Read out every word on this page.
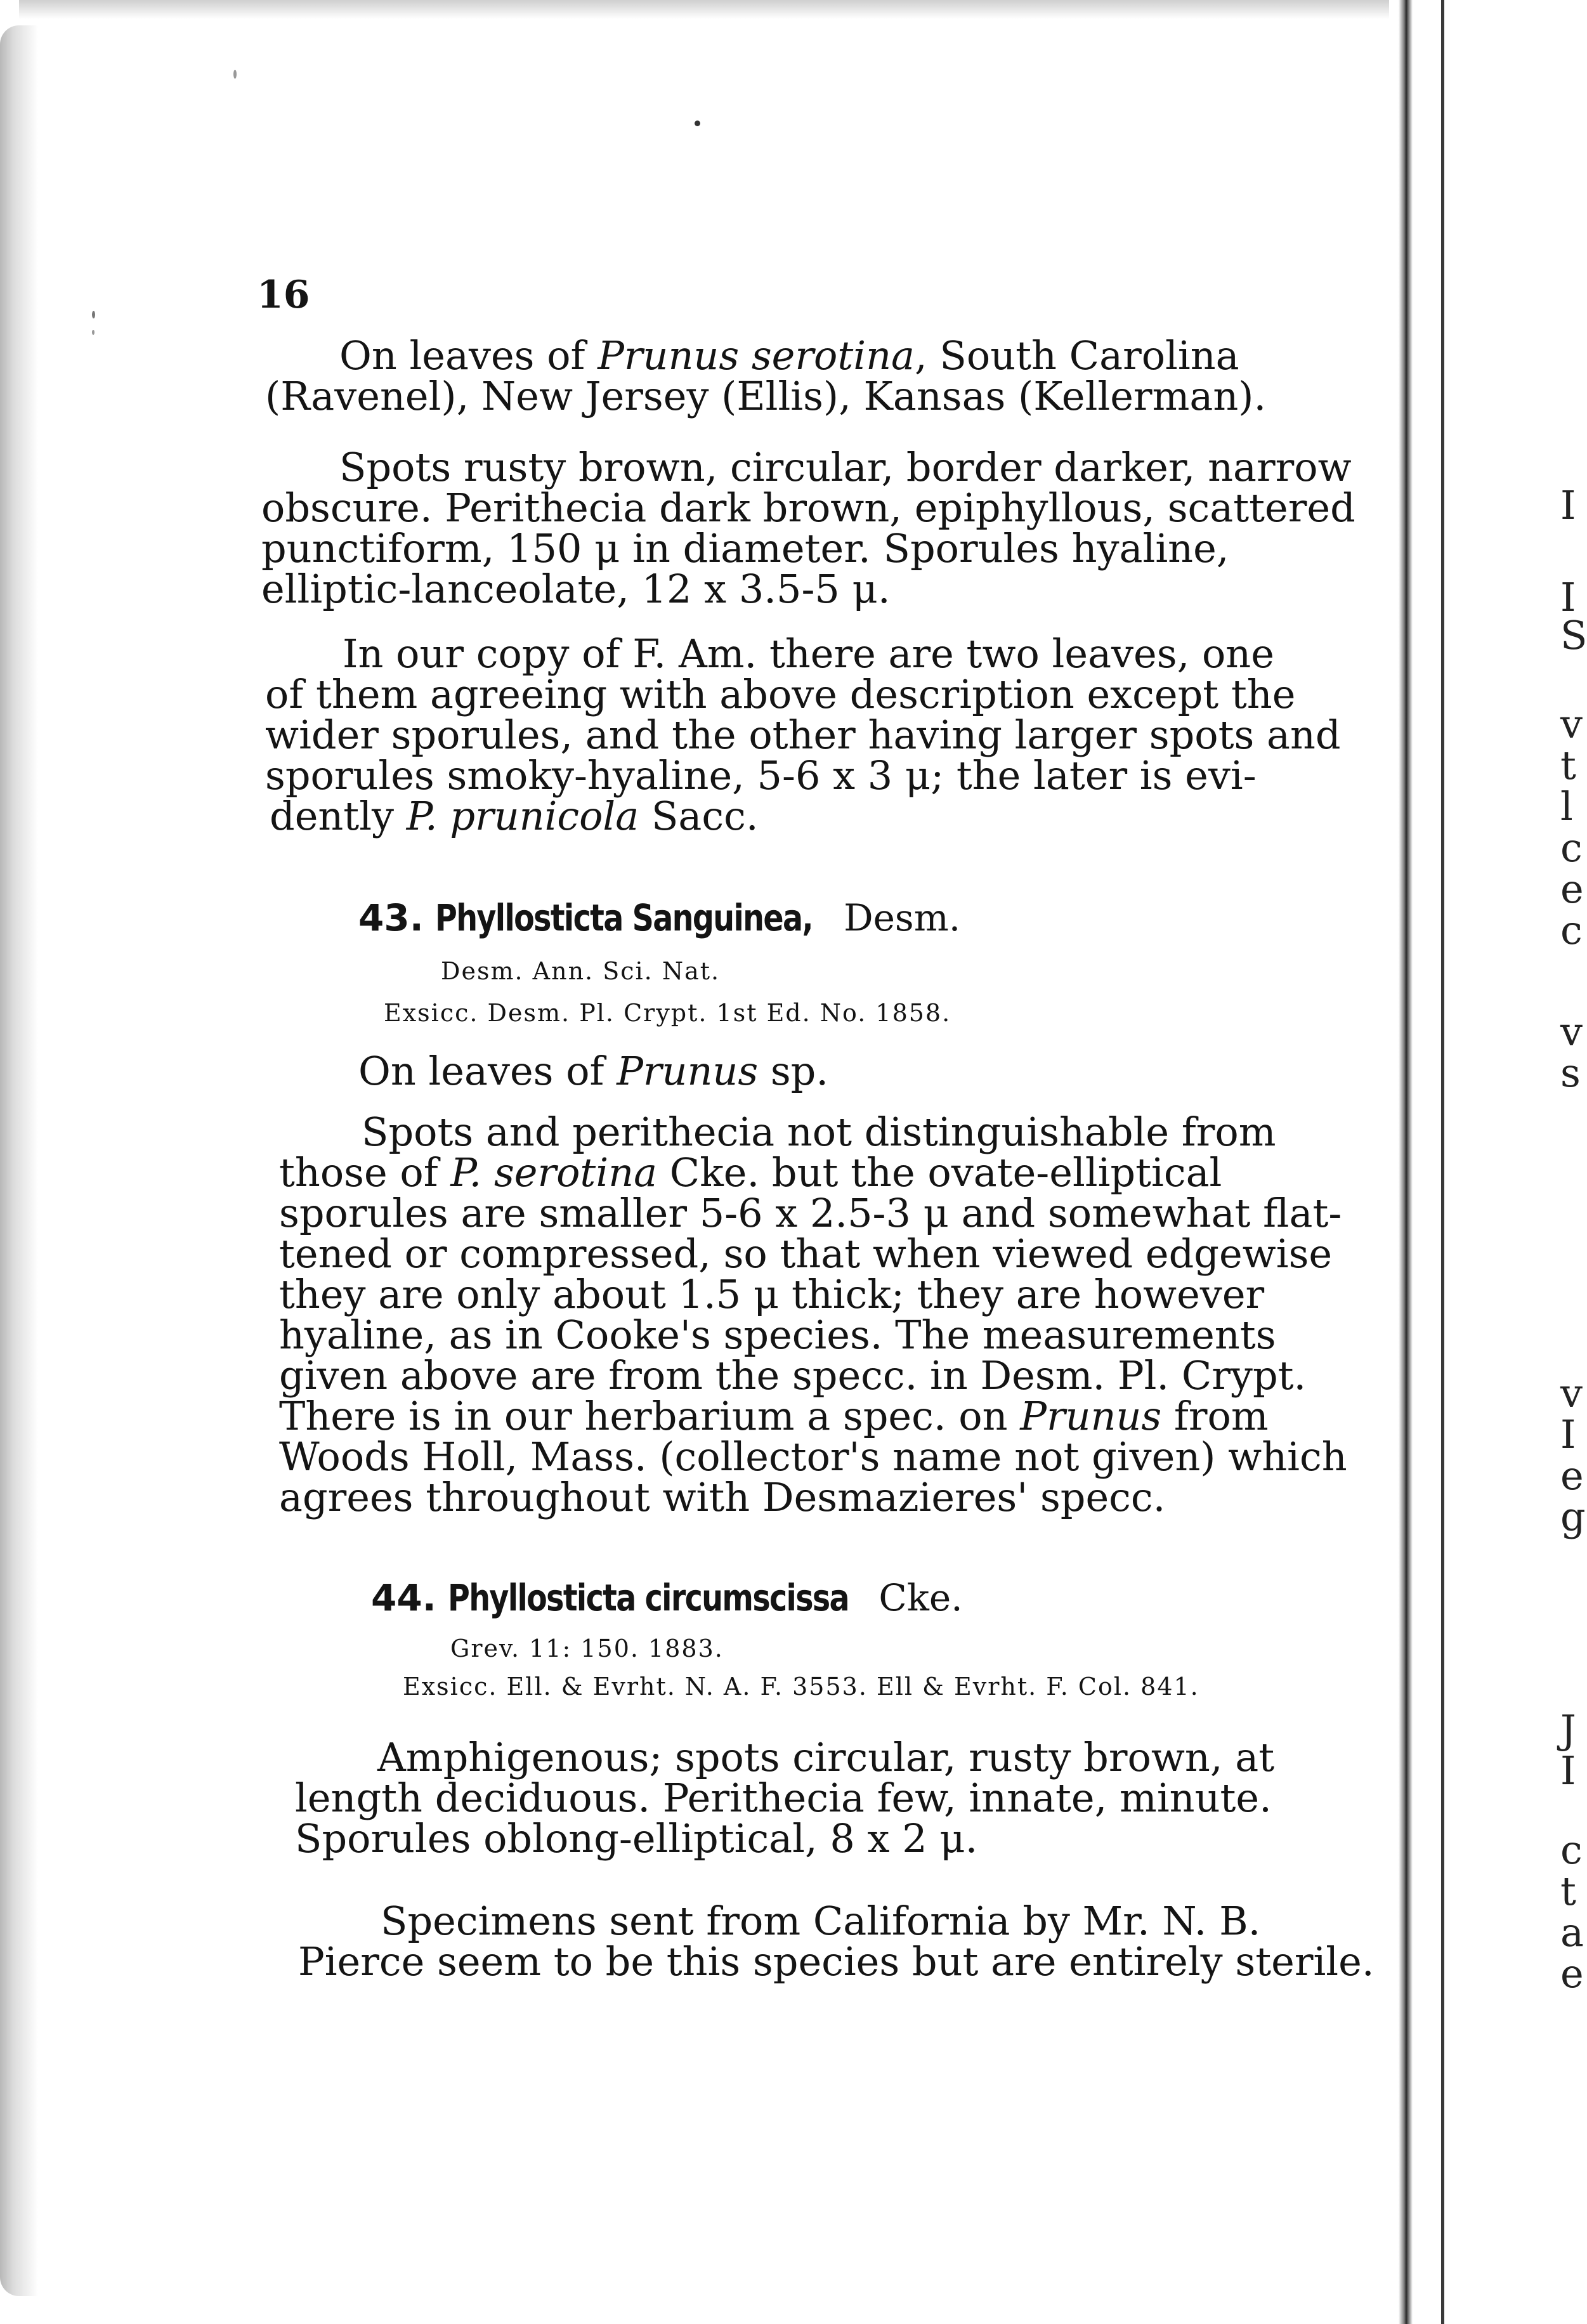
16
On leaves of Prunus serotina, South Carolina
(Ravenel), New Jersey (Ellis), Kansas (Kellerman).
Spots rusty brown, circular, border darker, narrow
obscure. Perithecia dark brown, epiphyllous, scattered
punctiform, 150 μ in diameter. Sporules hyaline,
elliptic-lanceolate, 12 x 3.5-5 μ.
In our copy of F. Am. there are two leaves, one
of them agreeing with above description except the
wider sporules, and the other having larger spots and
sporules smoky-hyaline, 5-6 x 3 μ; the later is evi-
dently P. prunicola Sacc.
43. Phyllosticta Sanguinea, Desm.
Desm. Ann. Sci. Nat.
Exsicc. Desm. Pl. Crypt. 1st Ed. No. 1858.
On leaves of Prunus sp.
Spots and perithecia not distinguishable from
those of P. serotina Cke. but the ovate-elliptical
sporules are smaller 5-6 x 2.5-3 μ and somewhat flat-
tened or compressed, so that when viewed edgewise
they are only about 1.5 μ thick; they are however
hyaline, as in Cooke's species. The measurements
given above are from the specc. in Desm. Pl. Crypt.
There is in our herbarium a spec. on Prunus from
Woods Holl, Mass. (collector's name not given) which
agrees throughout with Desmazieres' specc.
44. Phyllosticta circumscissa Cke.
Grev. 11: 150. 1883.
Exsicc. Ell. & Evrht. N. A. F. 3553. Ell & Evrht. F. Col. 841.
Amphigenous; spots circular, rusty brown, at
length deciduous. Perithecia few, innate, minute.
Sporules oblong-elliptical, 8 x 2 μ.
Specimens sent from California by Mr. N. B.
Pierce seem to be this species but are entirely sterile.
I
I
S
v
t
l
c
e
c
v
s
v
I
e
g
J
I
c
t
a
e
